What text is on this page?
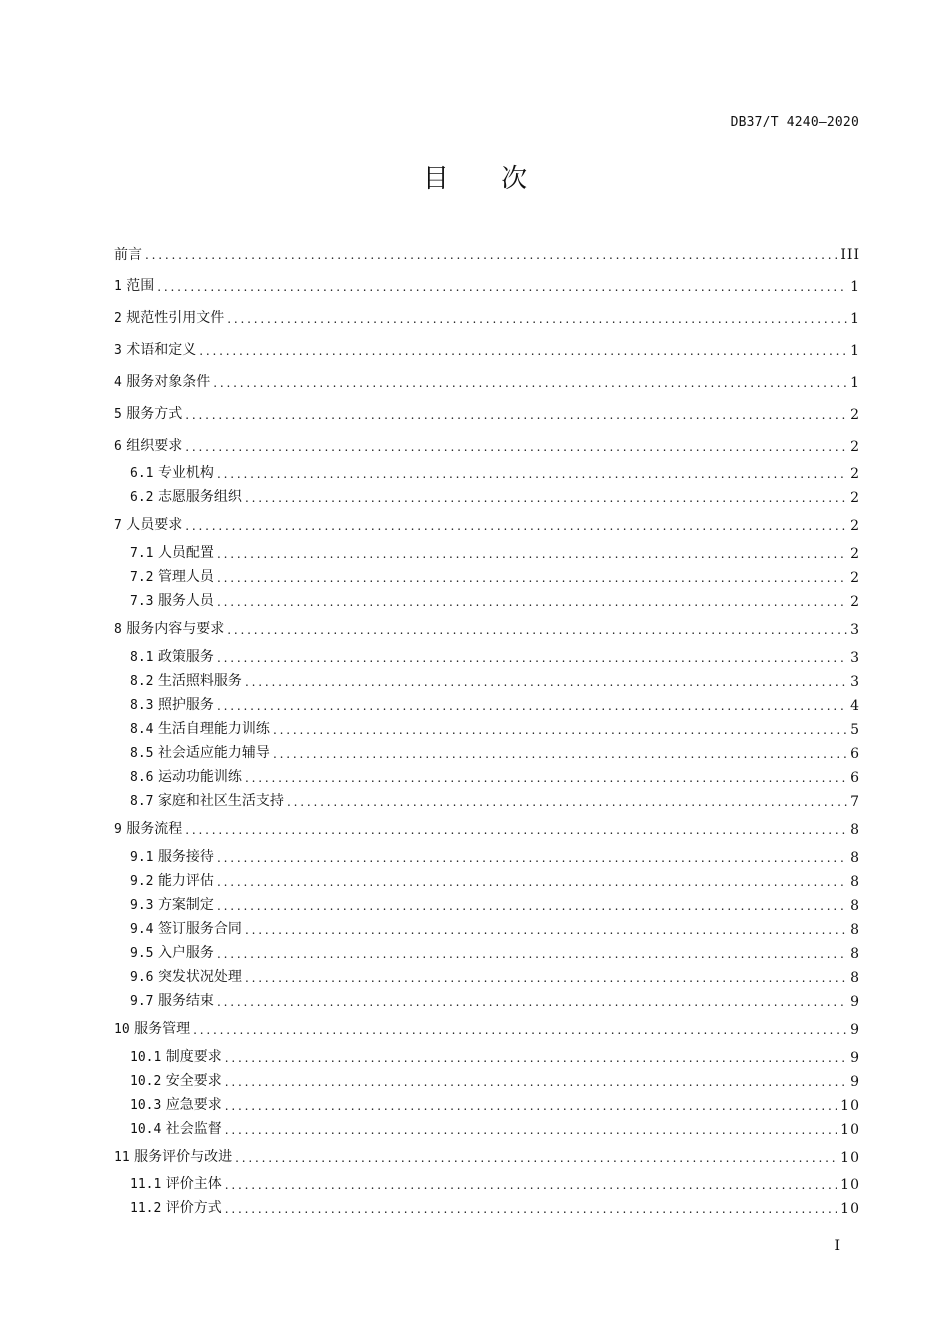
DB37/T 4240—2020
目 次
前言 . . .	III
1 范围 . . .	1
2 规范性引用文件 . . .	1
3 术语和定义 . . .	1
4 服务对象条件 . . .	1
5 服务方式 . . .	2
6 组织要求 . . .	2
6.1 专业机构 . . .	2
6.2 志愿服务组织 . . .	2
7 人员要求 . . .	2
7.1 人员配置 . . .	2
7.2 管理人员 . . .	2
7.3 服务人员 . . .	2
8 服务内容与要求 . . .	3
8.1 政策服务 . . .	3
8.2 生活照料服务 . . .	3
8.3 照护服务 . . .	4
8.4 生活自理能力训练 . . .	5
8.5 社会适应能力辅导 . . .	6
8.6 运动功能训练 . . .	6
8.7 家庭和社区生活支持 . . .	7
9 服务流程 . . .	8
9.1 服务接待 . . .	8
9.2 能力评估 . . .	8
9.3 方案制定 . . .	8
9.4 签订服务合同 . . .	8
9.5 入户服务 . . .	8
9.6 突发状况处理 . . .	8
9.7 服务结束 . . .	9
10 服务管理 . . .	9
10.1 制度要求 . . .	9
10.2 安全要求 . . .	9
10.3 应急要求 . . .	10
10.4 社会监督 . . .	10
11 服务评价与改进 . . .	10
11.1 评价主体 . . .	10
11.2 评价方式 . . .	10
I
